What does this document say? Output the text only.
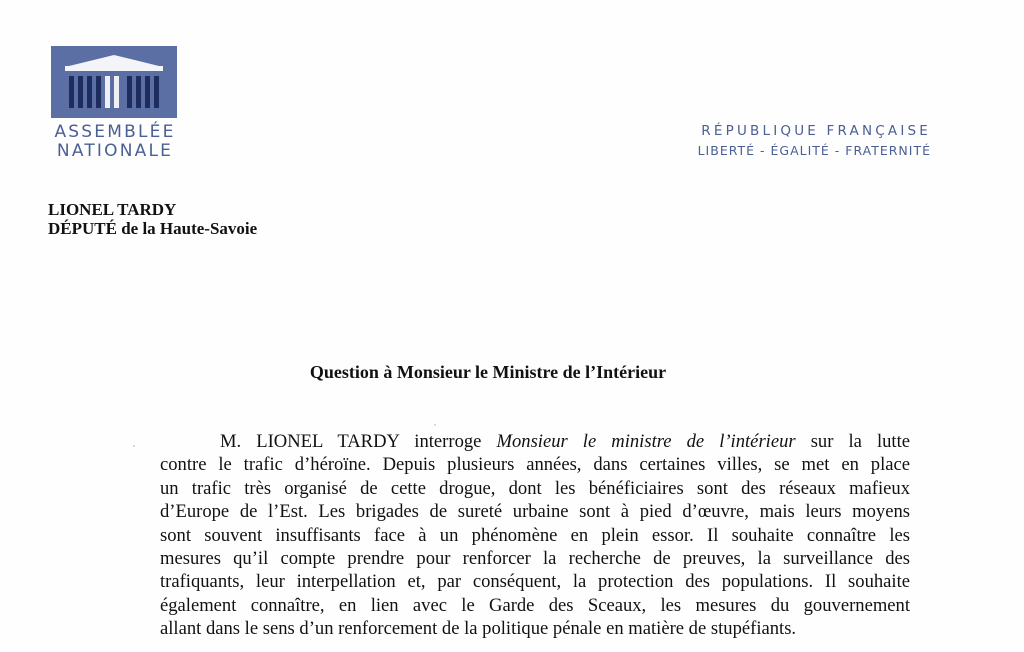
ASSEMBLÉE
NATIONALE
RÉPUBLIQUE FRANÇAISE
LIBERTÉ - ÉGALITÉ - FRATERNITÉ
LIONEL TARDY
DÉPUTÉ de la Haute-Savoie
Question à Monsieur le Ministre de l’Intérieur
M. LIONEL TARDY interroge Monsieur le ministre de l’intérieur sur la lutte
contre le trafic d’héroïne. Depuis plusieurs années, dans certaines villes, se met en place
un trafic très organisé de cette drogue, dont les bénéficiaires sont des réseaux mafieux
d’Europe de l’Est. Les brigades de sureté urbaine sont à pied d’œuvre, mais leurs moyens
sont souvent insuffisants face à un phénomène en plein essor. Il souhaite connaître les
mesures qu’il compte prendre pour renforcer la recherche de preuves, la surveillance des
trafiquants, leur interpellation et, par conséquent, la protection des populations. Il souhaite
également connaître, en lien avec le Garde des Sceaux, les mesures du gouvernement
allant dans le sens d’un renforcement de la politique pénale en matière de stupéfiants.
